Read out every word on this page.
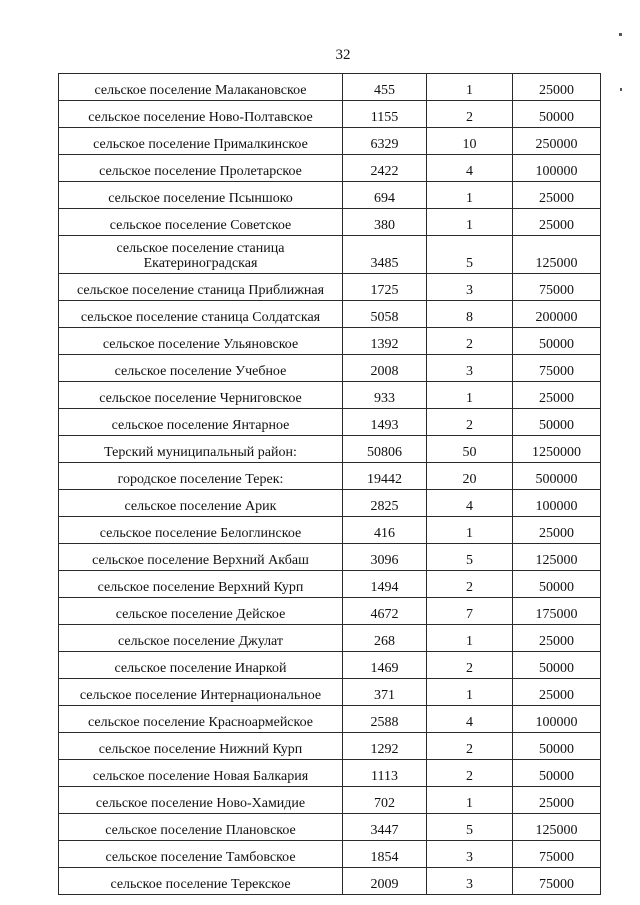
32
сельское поселение Малакановское	455	1	25000
сельское поселение Ново-Полтавское	1155	2	50000
сельское поселение Прималкинское	6329	10	250000
сельское поселение Пролетарское	2422	4	100000
сельское поселение Псыншоко	694	1	25000
сельское поселение Советское	380	1	25000
сельское поселение станица Екатериноградская	3485	5	125000
сельское поселение станица Приближная	1725	3	75000
сельское поселение станица Солдатская	5058	8	200000
сельское поселение Ульяновское	1392	2	50000
сельское поселение Учебное	2008	3	75000
сельское поселение Черниговское	933	1	25000
сельское поселение Янтарное	1493	2	50000
Терский муниципальный район:	50806	50	1250000
городское поселение Терек:	19442	20	500000
сельское поселение Арик	2825	4	100000
сельское поселение Белоглинское	416	1	25000
сельское поселение Верхний Акбаш	3096	5	125000
сельское поселение Верхний Курп	1494	2	50000
сельское поселение Дейское	4672	7	175000
сельское поселение Джулат	268	1	25000
сельское поселение Инаркой	1469	2	50000
сельское поселение Интернациональное	371	1	25000
сельское поселение Красноармейское	2588	4	100000
сельское поселение Нижний Курп	1292	2	50000
сельское поселение Новая Балкария	1113	2	50000
сельское поселение Ново-Хамидие	702	1	25000
сельское поселение Плановское	3447	5	125000
сельское поселение Тамбовское	1854	3	75000
сельское поселение Терекское	2009	3	75000
